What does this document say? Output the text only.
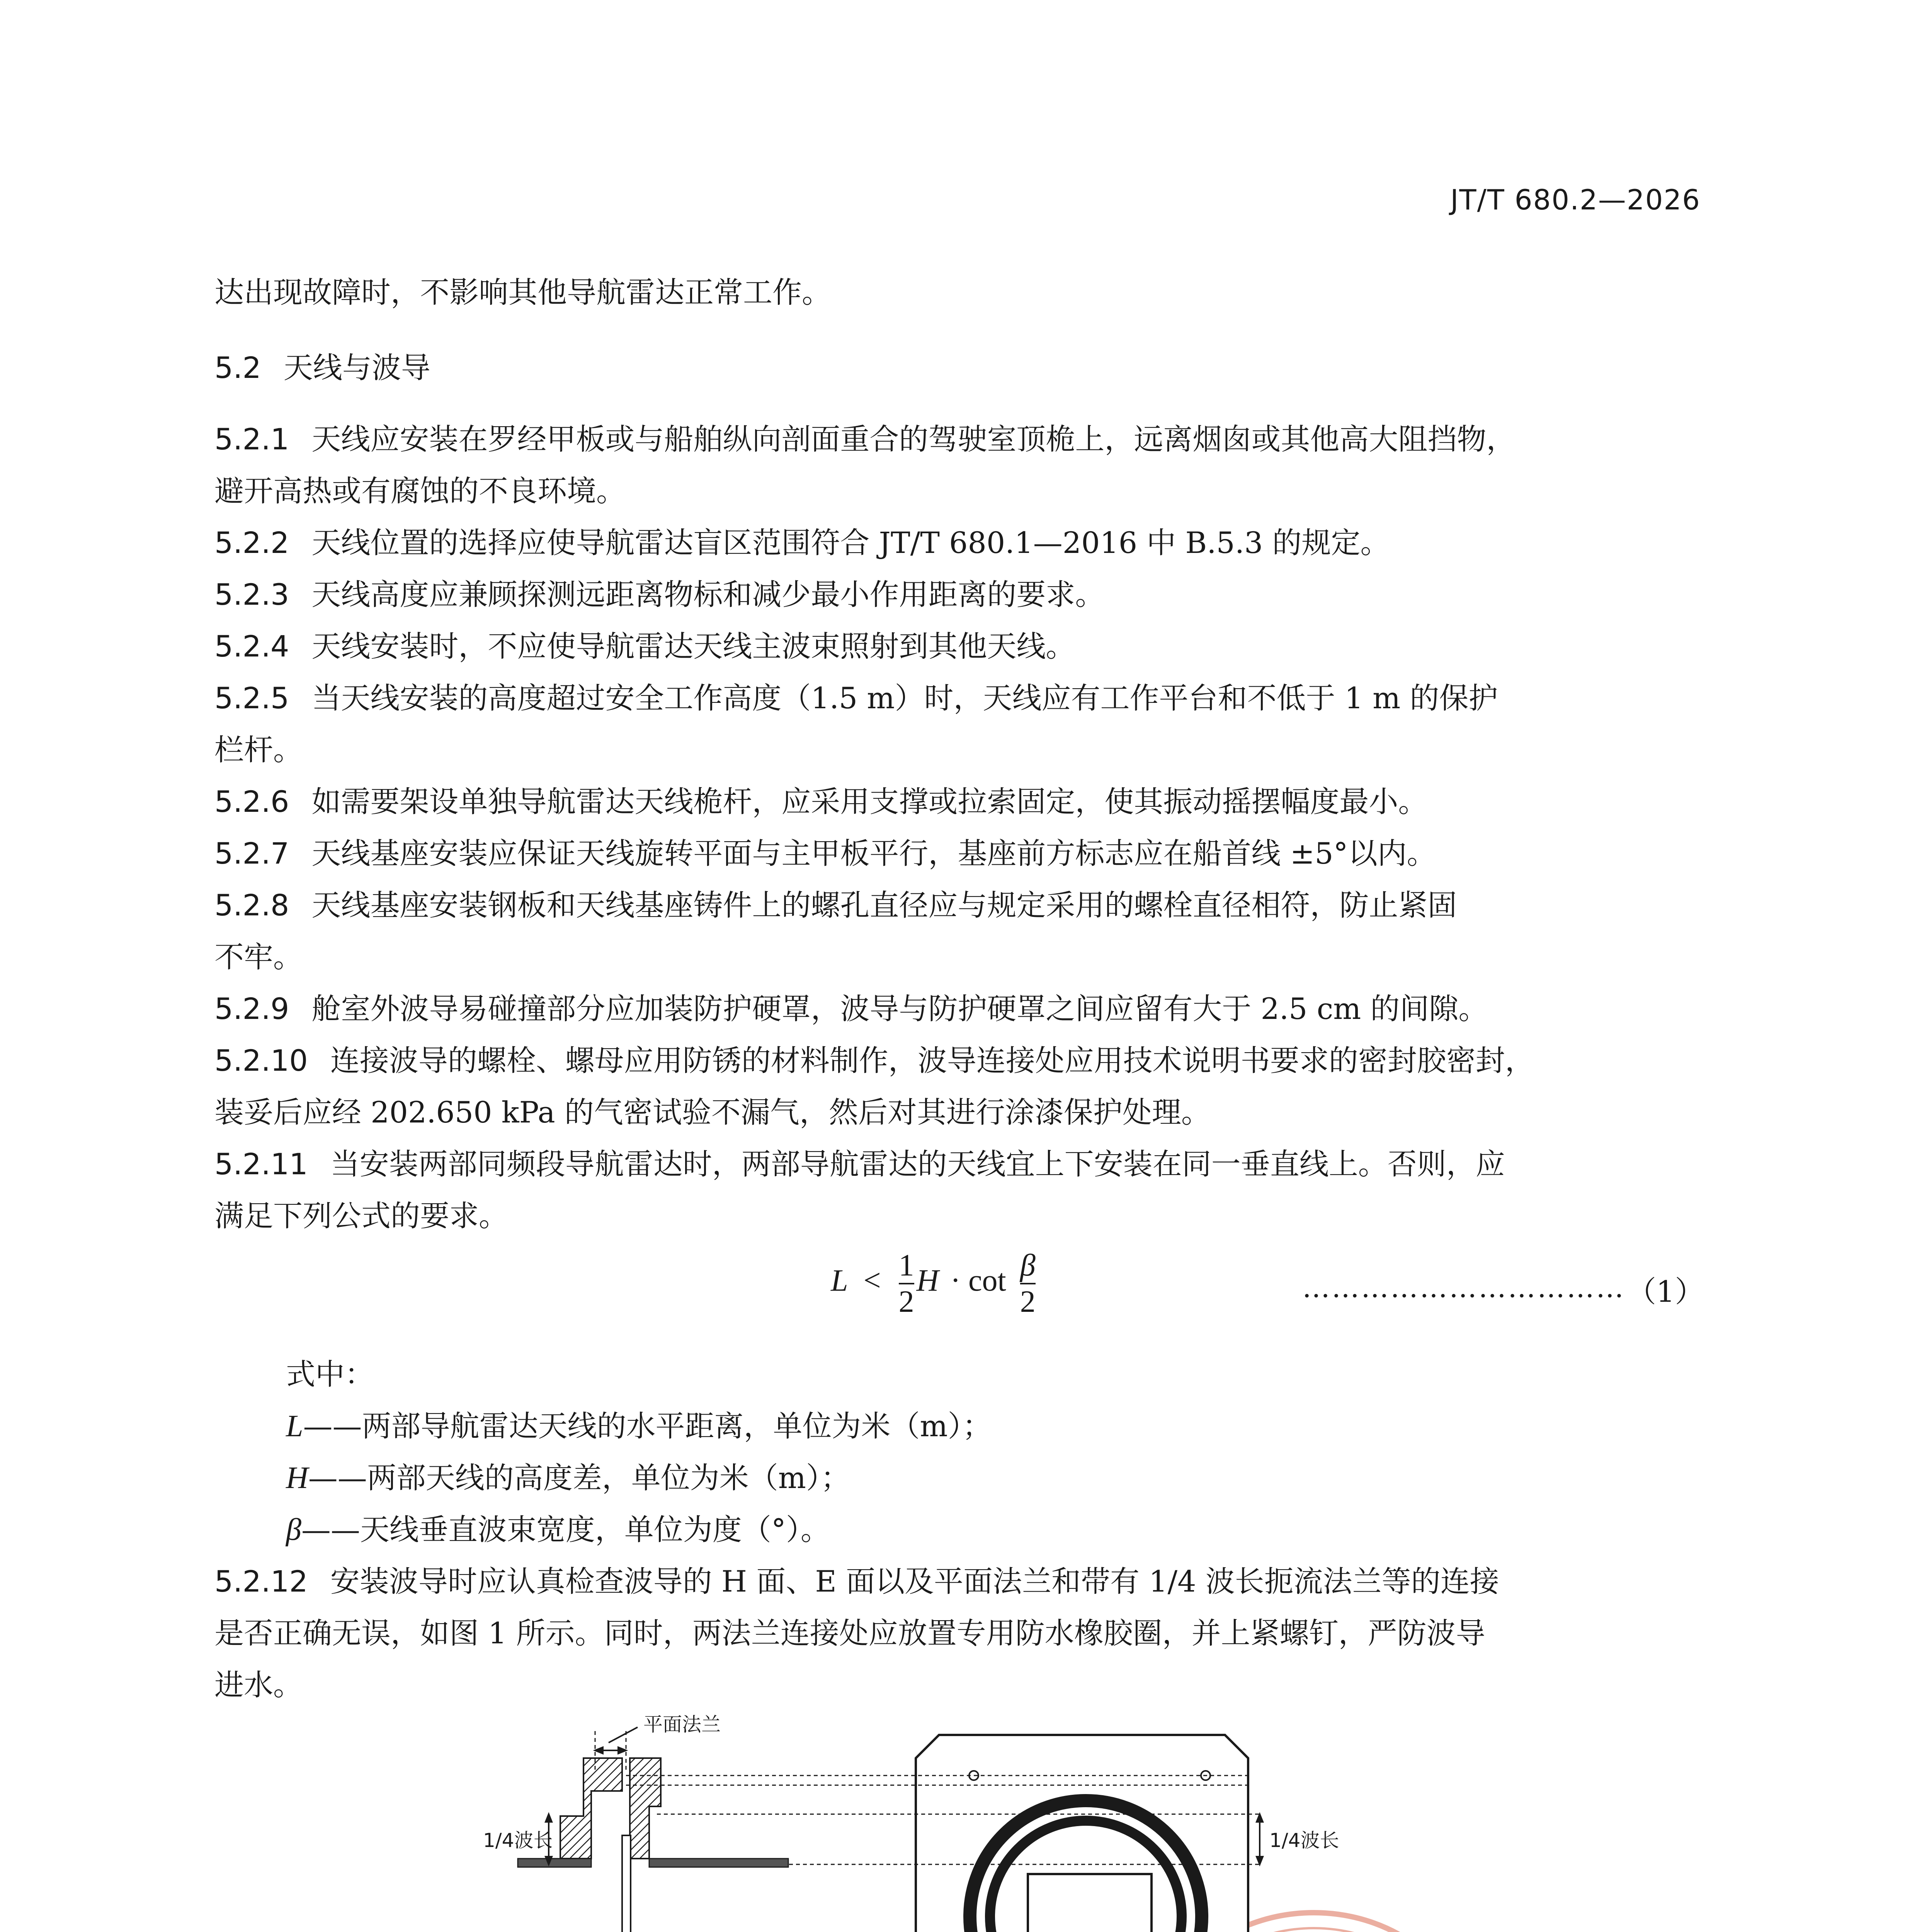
JT/T 680.2—2026
达出现故障时，不影响其他导航雷达正常工作。
5.2 天线与波导
5.2.1 天线应安装在罗经甲板或与船舶纵向剖面重合的驾驶室顶桅上，远离烟囱或其他高大阻挡物，
避开高热或有腐蚀的不良环境。
5.2.2 天线位置的选择应使导航雷达盲区范围符合 JT/T 680.1—2016 中 B.5.3 的规定。
5.2.3 天线高度应兼顾探测远距离物标和减少最小作用距离的要求。
5.2.4 天线安装时，不应使导航雷达天线主波束照射到其他天线。
5.2.5 当天线安装的高度超过安全工作高度（1.5 m）时，天线应有工作平台和不低于 1 m 的保护
栏杆。
5.2.6 如需要架设单独导航雷达天线桅杆，应采用支撑或拉索固定，使其振动摇摆幅度最小。
5.2.7 天线基座安装应保证天线旋转平面与主甲板平行，基座前方标志应在船首线 ±5°以内。
5.2.8 天线基座安装钢板和天线基座铸件上的螺孔直径应与规定采用的螺栓直径相符，防止紧固
不牢。
5.2.9 舱室外波导易碰撞部分应加装防护硬罩，波导与防护硬罩之间应留有大于 2.5 cm 的间隙。
5.2.10 连接波导的螺栓、螺母应用防锈的材料制作，波导连接处应用技术说明书要求的密封胶密封，
装妥后应经 202.650 kPa 的气密试验不漏气，然后对其进行涂漆保护处理。
5.2.11 当安装两部同频段导航雷达时，两部导航雷达的天线宜上下安装在同一垂直线上。否则，应
满足下列公式的要求。
$L < \frac{1}{2}$ $H \cdot \cot \frac{\beta}{2}$	…………………………… （1）
式中：
L——两部导航雷达天线的水平距离，单位为米（m）；
H——两部天线的高度差，单位为米（m）；
β——天线垂直波束宽度，单位为度（°）。
5.2.12 安装波导时应认真检查波导的 H 面、E 面以及平面法兰和带有 1/4 波长扼流法兰等的连接
是否正确无误，如图 1 所示。同时，两法兰连接处应放置专用防水橡胶圈，并上紧螺钉，严防波导
进水。
平面法兰
1/4波长	1/4波长
